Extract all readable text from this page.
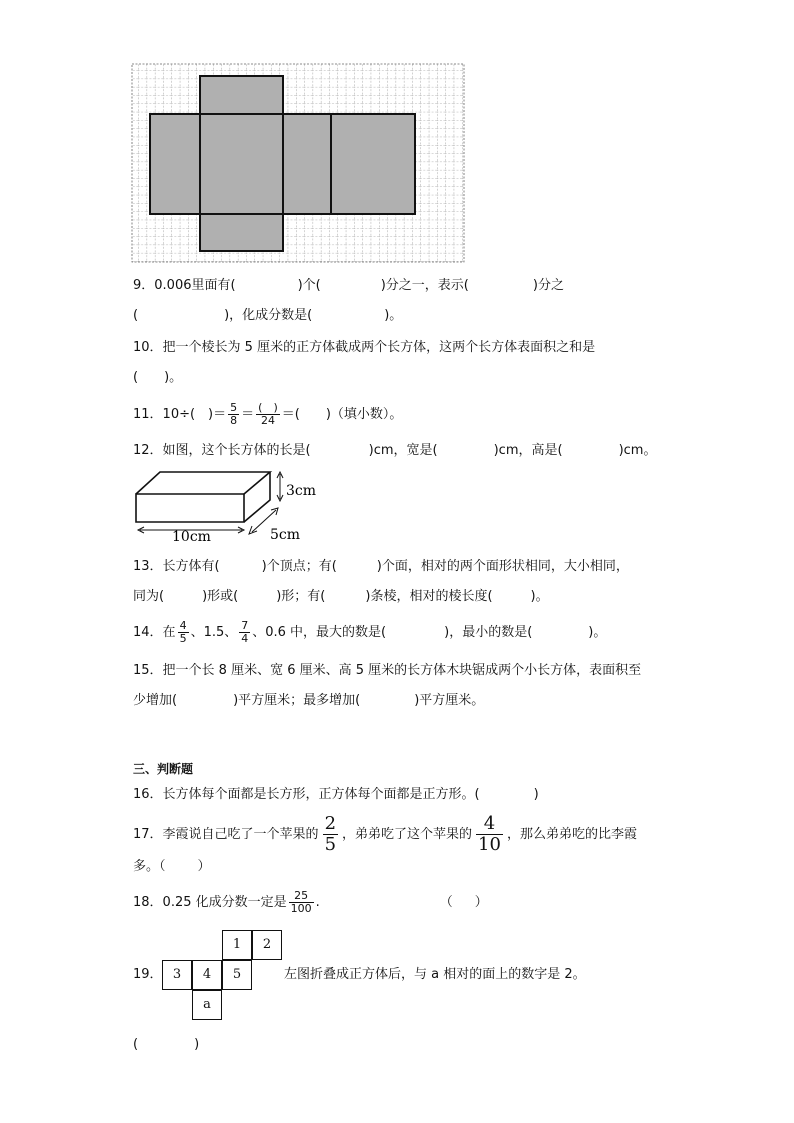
9．0.006里面有(	)个(	)分之一，表示(	)分之
(	)，化成分数是(	)。
10．把一个棱长为 5 厘米的正方体截成两个长方体，这两个长方体表面积之和是
(　　)。
11．10÷(　)＝ $\frac{5}{8} = \frac{( )}{24}$ ＝(　　)（填小数）。
12．如图，这个长方体的长是(	)cm，宽是(	)cm，高是(	)cm。
3cm
10cm	5cm
13．长方体有(	)个顶点；有(	)个面，相对的两个面形状相同，大小相同，
同为(	)形或(	)形；有(	)条棱，相对的棱长度(	)。
14．在 $\frac{4}{5}$ 、1.5、 $\frac{7}{4}$ 、0.6 中，最大的数是(	)，最小的数是(	)。
15．把一个长 8 厘米、宽 6 厘米、高 5 厘米的长方体木块锯成两个小长方体，表面积至
少增加(	)平方厘米；最多增加(	)平方厘米。
三、判断题
16．长方体每个面都是长方形，正方体每个面都是正方形。(	)
17．李霞说自己吃了一个苹果的 $\frac{2}{5}$ ，弟弟吃了这个苹果的 $\frac{4}{10}$ ，那么弟弟吃的比李霞
多。（ ）
18．0.25 化成分数一定是 $\frac{25}{100}$ .	（ ）
19．
1	2
3	4	5
a
左图折叠成正方体后，与 a 相对的面上的数字是 2。
(	)
